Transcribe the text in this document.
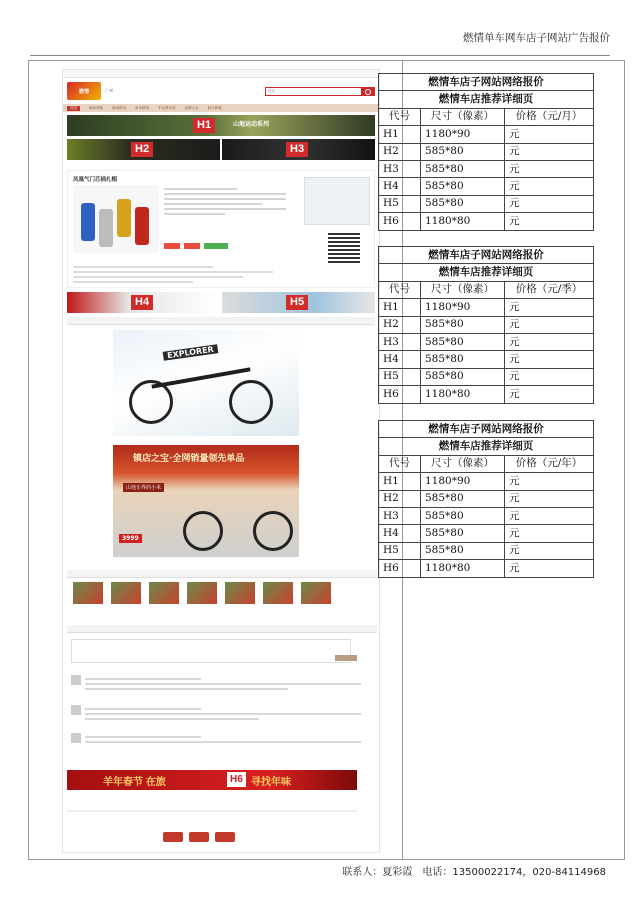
燃情单车网车店子网站广告报价

燃情	广州	搜索
首页	商家导购	新闻资讯	单车路线	车友俱乐部	品牌大全	积分商城
H1	山地运动系列
H2	H3

凤凰气门芯插扎帽
H4	H5

EXPLORER
镇店之宝·全网销量领先单品
山地车界的小米
3999

羊年春节 在旅	H6 寻找年味
燃情车店子网站网络报价		
燃情车店推荐详细页		
代号	尺寸（像素）	价格（元/月）
H1	1180*90	元
H2	585*80	元
H3	585*80	元
H4	585*80	元
H5	585*80	元
H6	1180*80	元
燃情车店子网站网络报价		
燃情车店推荐详细页		
代号	尺寸（像素）	价格（元/季）
H1	1180*90	元
H2	585*80	元
H3	585*80	元
H4	585*80	元
H5	585*80	元
H6	1180*80	元
燃情车店子网站网络报价		
燃情车店推荐详细页		
代号	尺寸（像素）	价格（元/年）
H1	1180*90	元
H2	585*80	元
H3	585*80	元
H4	585*80	元
H5	585*80	元
H6	1180*80	元
联系人：夏彩霞　电话：13500022174，020-84114968
